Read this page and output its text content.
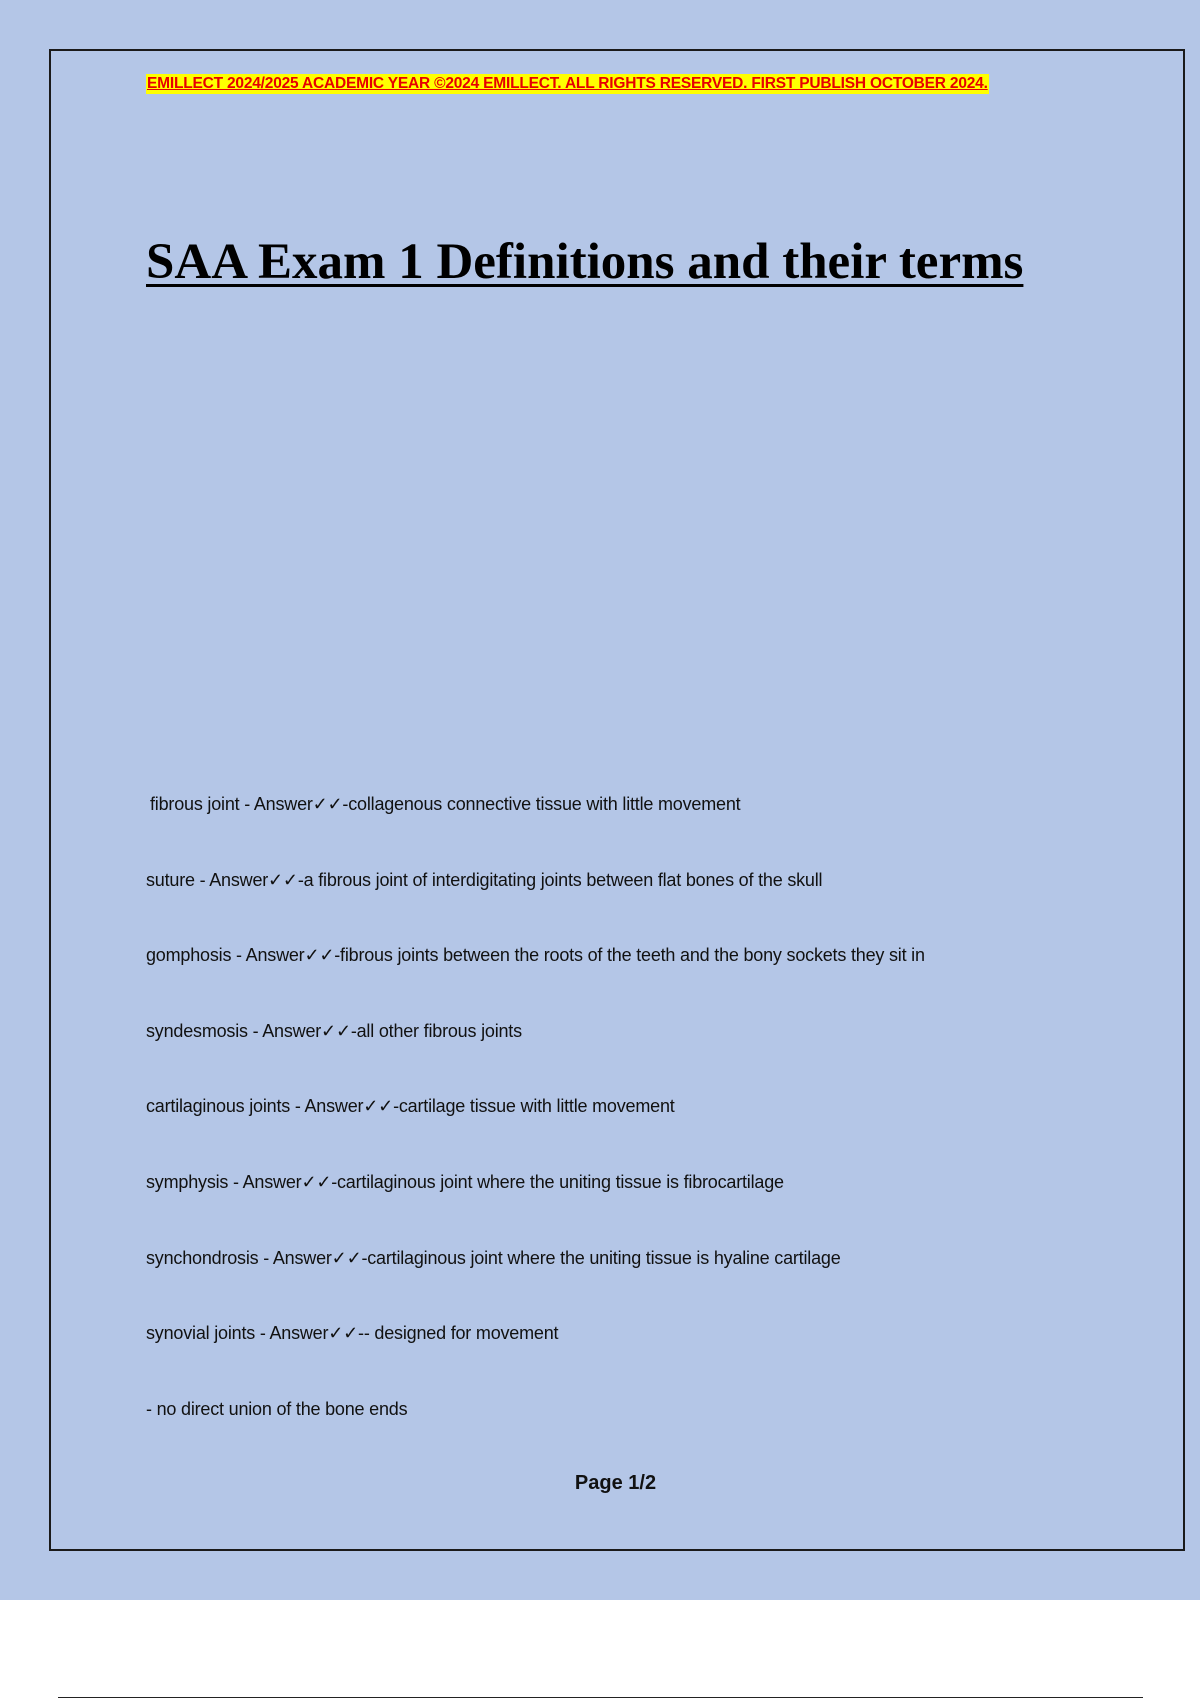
EMILLECT 2024/2025 ACADEMIC YEAR ©2024 EMILLECT. ALL RIGHTS RESERVED. FIRST PUBLISH OCTOBER 2024.
SAA Exam 1 Definitions and their terms
fibrous joint - Answer✓✓-collagenous connective tissue with little movement
suture - Answer✓✓-a fibrous joint of interdigitating joints between flat bones of the skull
gomphosis - Answer✓✓-fibrous joints between the roots of the teeth and the bony sockets they sit in
syndesmosis - Answer✓✓-all other fibrous joints
cartilaginous joints - Answer✓✓-cartilage tissue with little movement
symphysis - Answer✓✓-cartilaginous joint where the uniting tissue is fibrocartilage
synchondrosis - Answer✓✓-cartilaginous joint where the uniting tissue is hyaline cartilage
synovial joints - Answer✓✓-- designed for movement
- no direct union of the bone ends
Page 1/2
